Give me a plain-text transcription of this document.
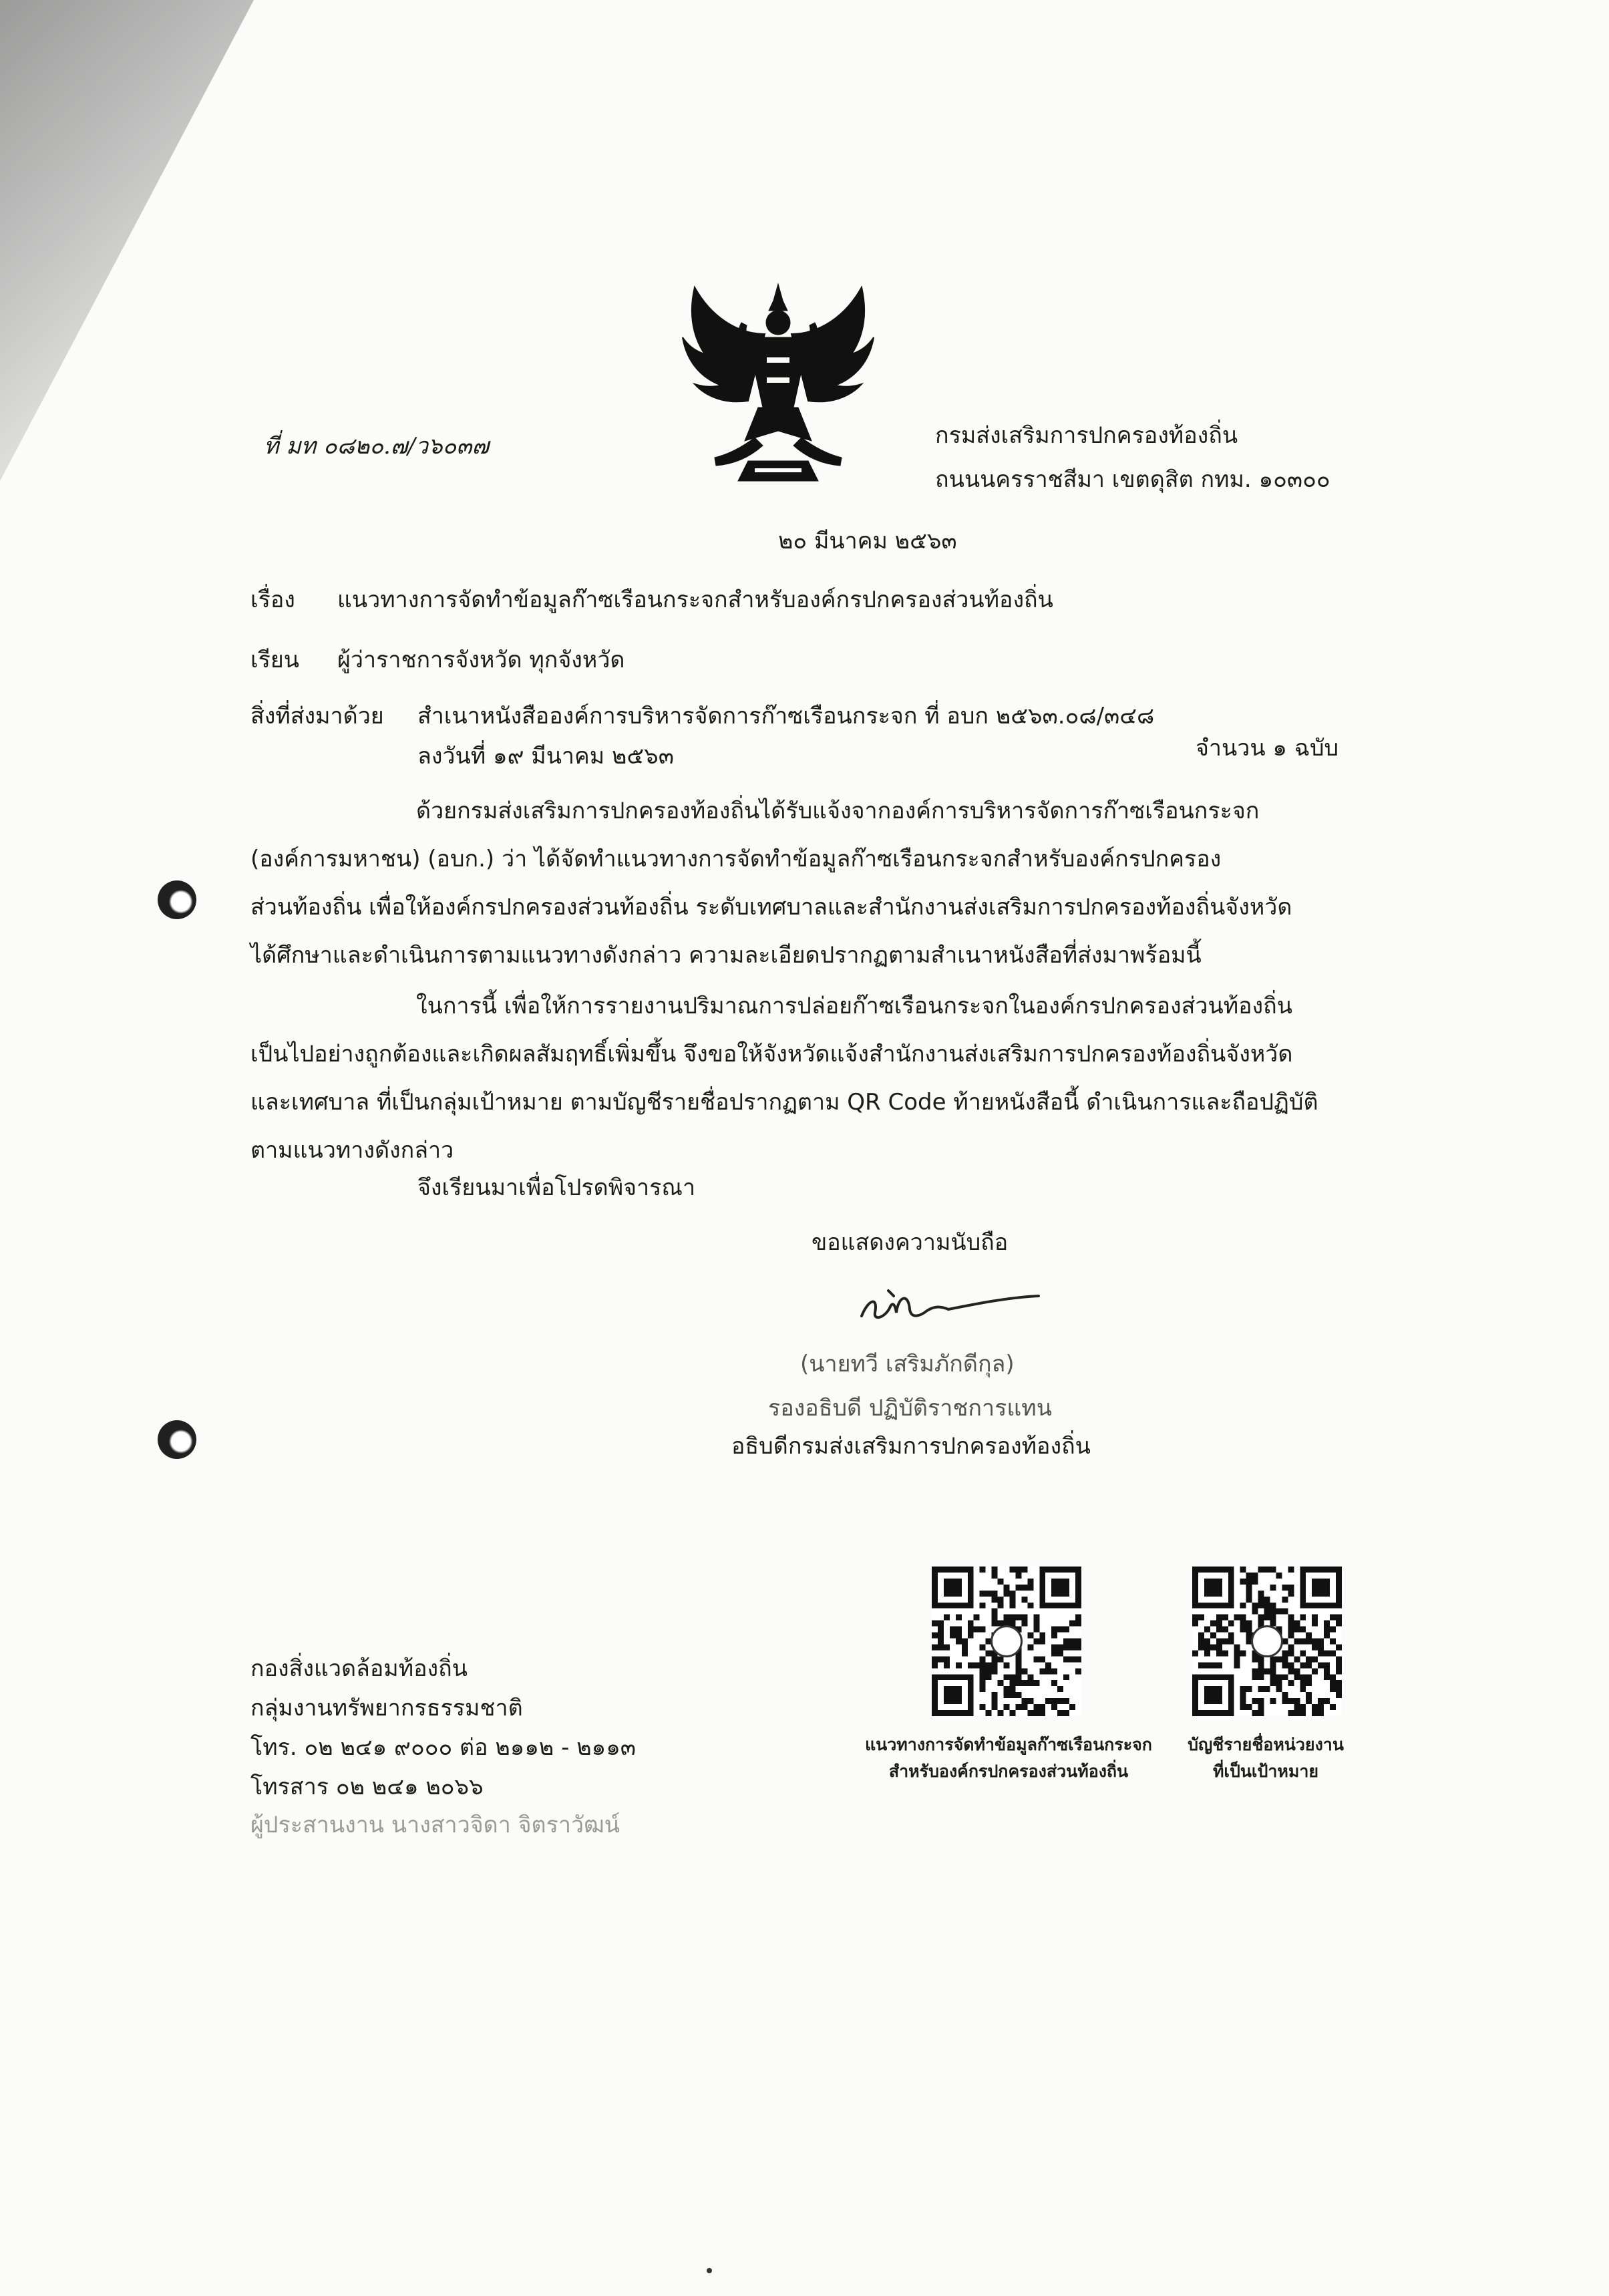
ที่ มท ๐๘๒๐.๗/ว๖๐๓๗	กรมส่งเสริมการปกครองท้องถิ่น
ถนนนครราชสีมา เขตดุสิต กทม. ๑๐๓๐๐
๒๐ มีนาคม ๒๕๖๓
เรื่อง แนวทางการจัดทำข้อมูลก๊าซเรือนกระจกสำหรับองค์กรปกครองส่วนท้องถิ่น
เรียน ผู้ว่าราชการจังหวัด ทุกจังหวัด
สิ่งที่ส่งมาด้วย สำเนาหนังสือองค์การบริหารจัดการก๊าซเรือนกระจก ที่ อบก ๒๕๖๓.๐๘/๓๔๘
ลงวันที่ ๑๙ มีนาคม ๒๕๖๓	จำนวน ๑ ฉบับ

ด้วยกรมส่งเสริมการปกครองท้องถิ่นได้รับแจ้งจากองค์การบริหารจัดการก๊าซเรือนกระจก

(องค์การมหาชน) (อบก.) ว่า ได้จัดทำแนวทางการจัดทำข้อมูลก๊าซเรือนกระจกสำหรับองค์กรปกครอง

ส่วนท้องถิ่น เพื่อให้องค์กรปกครองส่วนท้องถิ่น ระดับเทศบาลและสำนักงานส่งเสริมการปกครองท้องถิ่นจังหวัด

ได้ศึกษาและดำเนินการตามแนวทางดังกล่าว ความละเอียดปรากฏตามสำเนาหนังสือที่ส่งมาพร้อมนี้

ในการนี้ เพื่อให้การรายงานปริมาณการปล่อยก๊าซเรือนกระจกในองค์กรปกครองส่วนท้องถิ่น

เป็นไปอย่างถูกต้องและเกิดผลสัมฤทธิ์เพิ่มขึ้น จึงขอให้จังหวัดแจ้งสำนักงานส่งเสริมการปกครองท้องถิ่นจังหวัด

และเทศบาล ที่เป็นกลุ่มเป้าหมาย ตามบัญชีรายชื่อปรากฏตาม QR Code ท้ายหนังสือนี้ ดำเนินการและถือปฏิบัติ

ตามแนวทางดังกล่าว

จึงเรียนมาเพื่อโปรดพิจารณา
ขอแสดงความนับถือ
(นายทวี เสริมภักดีกุล)
รองอธิบดี ปฏิบัติราชการแทน
อธิบดีกรมส่งเสริมการปกครองท้องถิ่น
กองสิ่งแวดล้อมท้องถิ่น
กลุ่มงานทรัพยากรธรรมชาติ
โทร. ๐๒ ๒๔๑ ๙๐๐๐ ต่อ ๒๑๑๒ - ๒๑๑๓
โทรสาร ๐๒ ๒๔๑ ๒๐๖๖
ผู้ประสานงาน นางสาวจิดา จิตราวัฒน์
แนวทางการจัดทำข้อมูลก๊าซเรือนกระจก
สำหรับองค์กรปกครองส่วนท้องถิ่น
บัญชีรายชื่อหน่วยงาน
ที่เป็นเป้าหมาย
